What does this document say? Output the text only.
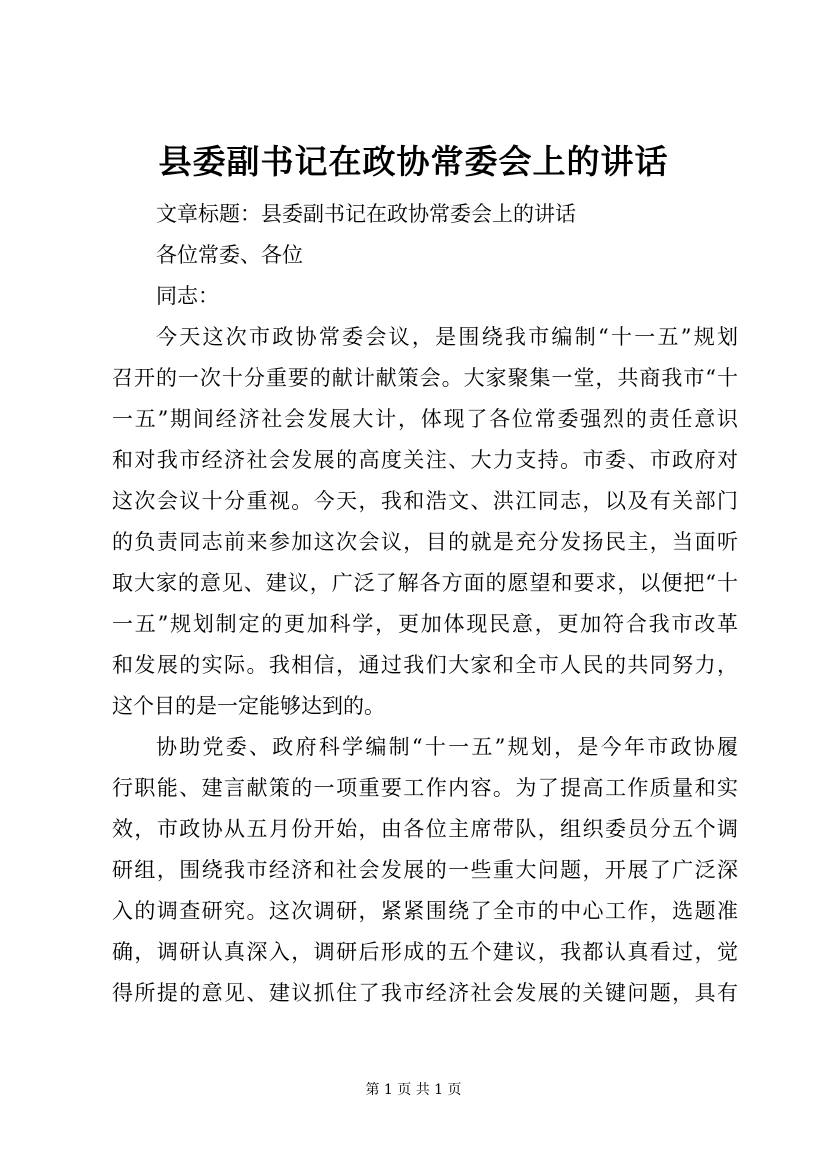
县委副书记在政协常委会上的讲话
文章标题：县委副书记在政协常委会上的讲话
各位常委、各位
同志：
今天这次市政协常委会议，是围绕我市编制“十一五”规划
召开的一次十分重要的献计献策会。大家聚集一堂，共商我市“十
一五”期间经济社会发展大计，体现了各位常委强烈的责任意识
和对我市经济社会发展的高度关注、大力支持。市委、市政府对
这次会议十分重视。今天，我和浩文、洪江同志，以及有关部门
的负责同志前来参加这次会议，目的就是充分发扬民主，当面听
取大家的意见、建议，广泛了解各方面的愿望和要求，以便把“十
一五”规划制定的更加科学，更加体现民意，更加符合我市改革
和发展的实际。我相信，通过我们大家和全市人民的共同努力，
这个目的是一定能够达到的。
协助党委、政府科学编制“十一五”规划，是今年市政协履
行职能、建言献策的一项重要工作内容。为了提高工作质量和实
效，市政协从五月份开始，由各位主席带队，组织委员分五个调
研组，围绕我市经济和社会发展的一些重大问题，开展了广泛深
入的调查研究。这次调研，紧紧围绕了全市的中心工作，选题准
确，调研认真深入，调研后形成的五个建议，我都认真看过，觉
得所提的意见、建议抓住了我市经济社会发展的关键问题，具有
第 1 页 共 1 页
